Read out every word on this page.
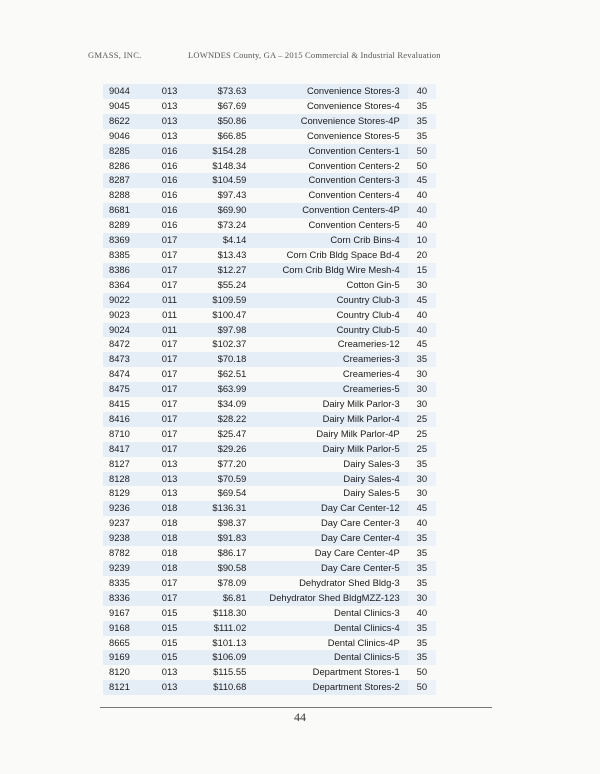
GMASS, INC.	LOWNDES County, GA – 2015 Commercial & Industrial Revaluation
9044	013	$73.63	Convenience Stores-3	40
9045	013	$67.69	Convenience Stores-4	35
8622	013	$50.86	Convenience Stores-4P	35
9046	013	$66.85	Convenience Stores-5	35
8285	016	$154.28	Convention Centers-1	50
8286	016	$148.34	Convention Centers-2	50
8287	016	$104.59	Convention Centers-3	45
8288	016	$97.43	Convention Centers-4	40
8681	016	$69.90	Convention Centers-4P	40
8289	016	$73.24	Convention Centers-5	40
8369	017	$4.14	Corn Crib Bins-4	10
8385	017	$13.43	Corn Crib Bldg Space Bd-4	20
8386	017	$12.27	Corn Crib Bldg Wire Mesh-4	15
8364	017	$55.24	Cotton Gin-5	30
9022	011	$109.59	Country Club-3	45
9023	011	$100.47	Country Club-4	40
9024	011	$97.98	Country Club-5	40
8472	017	$102.37	Creameries-12	45
8473	017	$70.18	Creameries-3	35
8474	017	$62.51	Creameries-4	30
8475	017	$63.99	Creameries-5	30
8415	017	$34.09	Dairy Milk Parlor-3	30
8416	017	$28.22	Dairy Milk Parlor-4	25
8710	017	$25.47	Dairy Milk Parlor-4P	25
8417	017	$29.26	Dairy Milk Parlor-5	25
8127	013	$77.20	Dairy Sales-3	35
8128	013	$70.59	Dairy Sales-4	30
8129	013	$69.54	Dairy Sales-5	30
9236	018	$136.31	Day Car Center-12	45
9237	018	$98.37	Day Care Center-3	40
9238	018	$91.83	Day Care Center-4	35
8782	018	$86.17	Day Care Center-4P	35
9239	018	$90.58	Day Care Center-5	35
8335	017	$78.09	Dehydrator Shed Bldg-3	35
8336	017	$6.81	Dehydrator Shed BldgMZZ-123	30
9167	015	$118.30	Dental Clinics-3	40
9168	015	$111.02	Dental Clinics-4	35
8665	015	$101.13	Dental Clinics-4P	35
9169	015	$106.09	Dental Clinics-5	35
8120	013	$115.55	Department Stores-1	50
8121	013	$110.68	Department Stores-2	50
44
